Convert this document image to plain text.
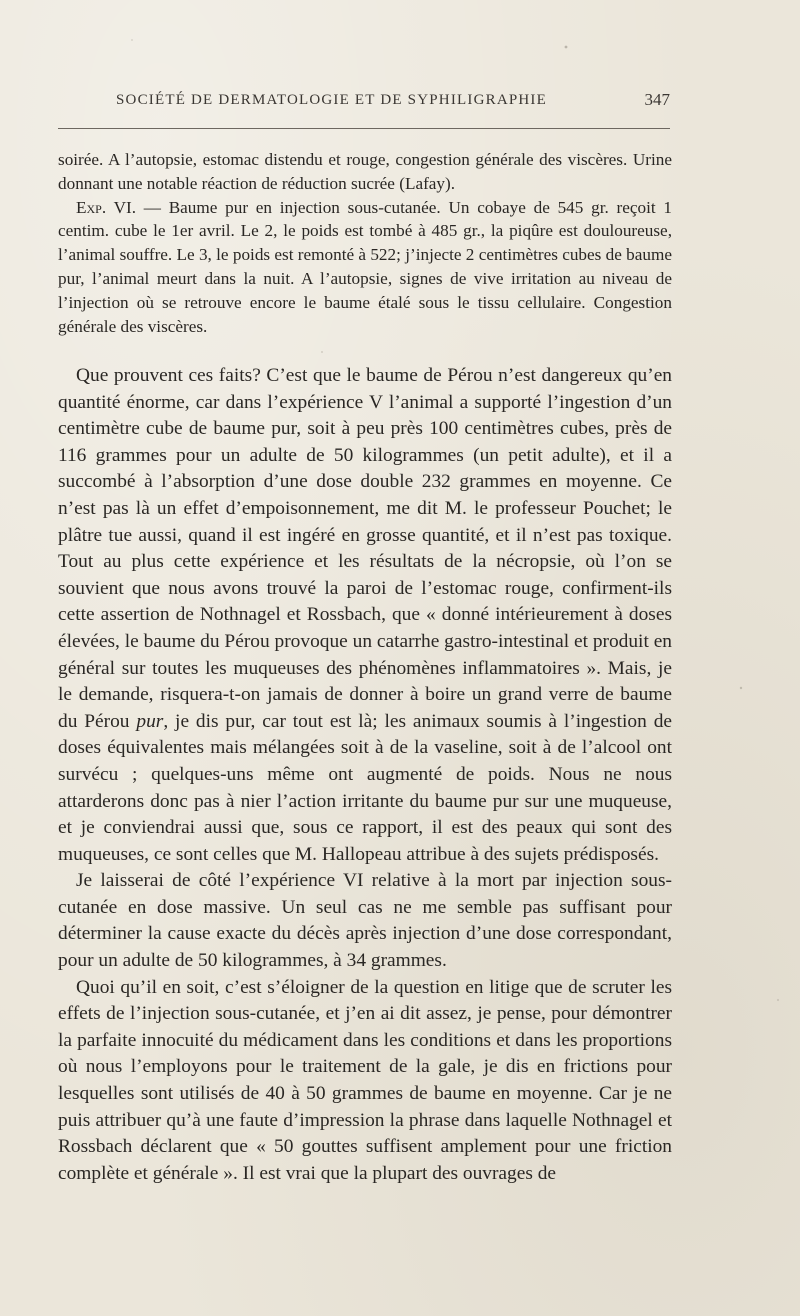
SOCIÉTÉ DE DERMATOLOGIE ET DE SYPHILIGRAPHIE	347

soirée. A l’autopsie, estomac distendu et rouge, congestion générale des viscères. Urine donnant une notable réaction de réduction sucrée (Lafay).

Exp. VI. — Baume pur en injection sous-cutanée. Un cobaye de 545 gr. reçoit 1 centim. cube le 1er avril. Le 2, le poids est tombé à 485 gr., la piqûre est douloureuse, l’animal souffre. Le 3, le poids est remonté à 522; j’injecte 2 centimètres cubes de baume pur, l’animal meurt dans la nuit. A l’autopsie, signes de vive irritation au niveau de l’injection où se retrouve encore le baume étalé sous le tissu cellulaire. Congestion générale des viscères.

Que prouvent ces faits? C’est que le baume de Pérou n’est dangereux qu’en quantité énorme, car dans l’expérience V l’animal a supporté l’ingestion d’un centimètre cube de baume pur, soit à peu près 100 centimètres cubes, près de 116 grammes pour un adulte de 50 kilogrammes (un petit adulte), et il a succombé à l’absorption d’une dose double 232 grammes en moyenne. Ce n’est pas là un effet d’empoisonnement, me dit M. le professeur Pouchet; le plâtre tue aussi, quand il est ingéré en grosse quantité, et il n’est pas toxique. Tout au plus cette expérience et les résultats de la nécropsie, où l’on se souvient que nous avons trouvé la paroi de l’estomac rouge, confirment-ils cette assertion de Nothnagel et Rossbach, que « donné intérieurement à doses élevées, le baume du Pérou provoque un catarrhe gastro-intestinal et produit en général sur toutes les muqueuses des phénomènes inflammatoires ». Mais, je le demande, risquera-t-on jamais de donner à boire un grand verre de baume du Pérou pur, je dis pur, car tout est là; les animaux soumis à l’ingestion de doses équivalentes mais mélangées soit à de la vaseline, soit à de l’alcool ont survécu ; quelques-uns même ont augmenté de poids. Nous ne nous attarderons donc pas à nier l’action irritante du baume pur sur une muqueuse, et je conviendrai aussi que, sous ce rapport, il est des peaux qui sont des muqueuses, ce sont celles que M. Hallopeau attribue à des sujets prédisposés.

Je laisserai de côté l’expérience VI relative à la mort par injection sous-cutanée en dose massive. Un seul cas ne me semble pas suffisant pour déterminer la cause exacte du décès après injection d’une dose correspondant, pour un adulte de 50 kilogrammes, à 34 grammes.

Quoi qu’il en soit, c’est s’éloigner de la question en litige que de scruter les effets de l’injection sous-cutanée, et j’en ai dit assez, je pense, pour démontrer la parfaite innocuité du médicament dans les conditions et dans les proportions où nous l’employons pour le traitement de la gale, je dis en frictions pour lesquelles sont utilisés de 40 à 50 grammes de baume en moyenne. Car je ne puis attribuer qu’à une faute d’impression la phrase dans laquelle Nothnagel et Rossbach déclarent que « 50 gouttes suffisent amplement pour une friction complète et générale ». Il est vrai que la plupart des ouvrages de
